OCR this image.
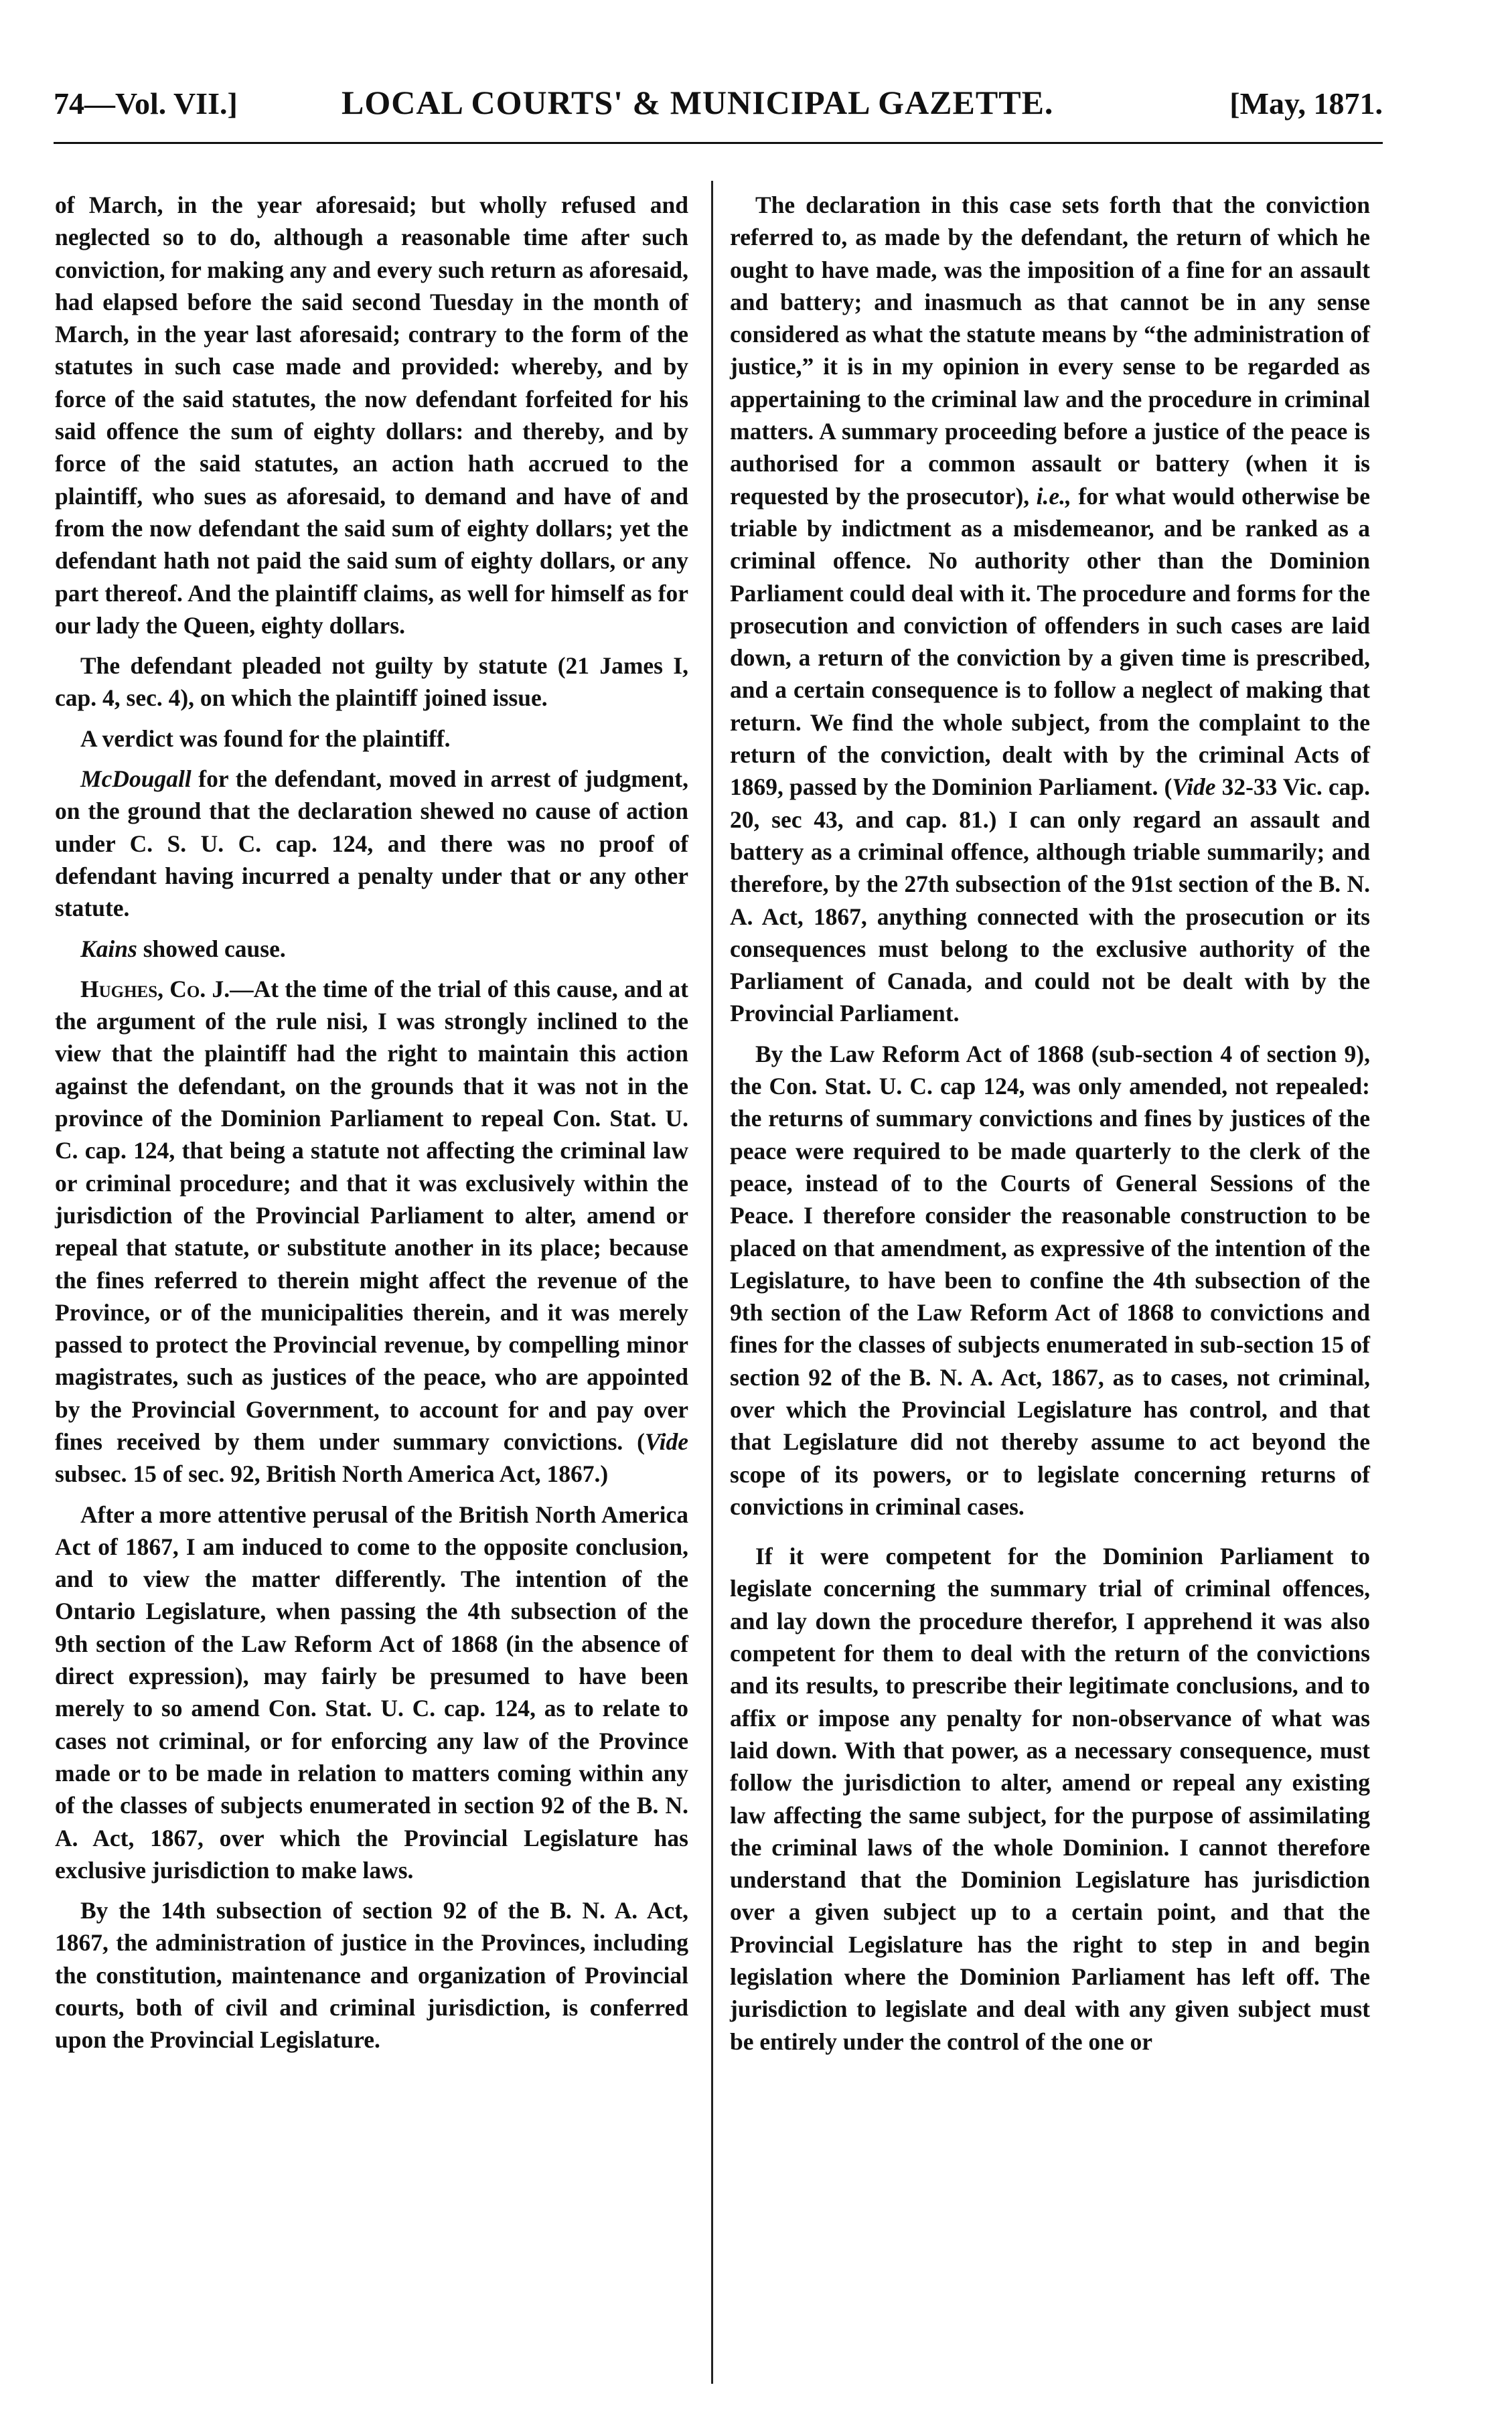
74—Vol. VII.]	LOCAL COURTS' & MUNICIPAL GAZETTE.	[May, 1871.

of March, in the year aforesaid; but wholly refused and neglected so to do, although a reasonable time after such conviction, for making any and every such return as aforesaid, had elapsed before the said second Tuesday in the month of March, in the year last aforesaid; contrary to the form of the statutes in such case made and provided: whereby, and by force of the said statutes, the now defendant forfeited for his said offence the sum of eighty dollars: and thereby, and by force of the said statutes, an action hath accrued to the plaintiff, who sues as aforesaid, to demand and have of and from the now defendant the said sum of eighty dollars; yet the defendant hath not paid the said sum of eighty dollars, or any part thereof. And the plaintiff claims, as well for himself as for our lady the Queen, eighty dollars.

The defendant pleaded not guilty by statute (21 James I, cap. 4, sec. 4), on which the plaintiff joined issue.

A verdict was found for the plaintiff.

McDougall for the defendant, moved in arrest of judgment, on the ground that the declaration shewed no cause of action under C. S. U. C. cap. 124, and there was no proof of defendant having incurred a penalty under that or any other statute.

Kains showed cause.

Hughes, Co. J.—At the time of the trial of this cause, and at the argument of the rule nisi, I was strongly inclined to the view that the plaintiff had the right to maintain this action against the defendant, on the grounds that it was not in the province of the Dominion Parliament to repeal Con. Stat. U. C. cap. 124, that being a statute not affecting the criminal law or criminal procedure; and that it was exclusively within the jurisdiction of the Provincial Parliament to alter, amend or repeal that statute, or substitute another in its place; because the fines referred to therein might affect the revenue of the Province, or of the municipalities therein, and it was merely passed to protect the Provincial revenue, by compelling minor magistrates, such as justices of the peace, who are appointed by the Provincial Government, to account for and pay over fines received by them under summary convictions. (Vide subsec. 15 of sec. 92, British North America Act, 1867.)

After a more attentive perusal of the British North America Act of 1867, I am induced to come to the opposite conclusion, and to view the matter differently. The intention of the Ontario Legislature, when passing the 4th subsection of the 9th section of the Law Reform Act of 1868 (in the absence of direct expression), may fairly be presumed to have been merely to so amend Con. Stat. U. C. cap. 124, as to relate to cases not criminal, or for enforcing any law of the Province made or to be made in relation to matters coming within any of the classes of subjects enumerated in section 92 of the B. N. A. Act, 1867, over which the Provincial Legislature has exclusive jurisdiction to make laws.

By the 14th subsection of section 92 of the B. N. A. Act, 1867, the administration of justice in the Provinces, including the constitution, maintenance and organization of Provincial courts, both of civil and criminal jurisdiction, is conferred upon the Provincial Legislature.

The declaration in this case sets forth that the conviction referred to, as made by the defendant, the return of which he ought to have made, was the imposition of a fine for an assault and battery; and inasmuch as that cannot be in any sense considered as what the statute means by “the administration of justice,” it is in my opinion in every sense to be regarded as appertaining to the criminal law and the procedure in criminal matters. A summary proceeding before a justice of the peace is authorised for a common assault or battery (when it is requested by the prosecutor), i.e., for what would otherwise be triable by indictment as a misdemeanor, and be ranked as a criminal offence. No authority other than the Dominion Parliament could deal with it. The procedure and forms for the prosecution and conviction of offenders in such cases are laid down, a return of the conviction by a given time is prescribed, and a certain consequence is to follow a neglect of making that return. We find the whole subject, from the complaint to the return of the conviction, dealt with by the criminal Acts of 1869, passed by the Dominion Parliament. (Vide 32-33 Vic. cap. 20, sec 43, and cap. 81.) I can only regard an assault and battery as a criminal offence, although triable summarily; and therefore, by the 27th subsection of the 91st section of the B. N. A. Act, 1867, anything connected with the prosecution or its consequences must belong to the exclusive authority of the Parliament of Canada, and could not be dealt with by the Provincial Parliament.

By the Law Reform Act of 1868 (sub-section 4 of section 9), the Con. Stat. U. C. cap 124, was only amended, not repealed: the returns of summary convictions and fines by justices of the peace were required to be made quarterly to the clerk of the peace, instead of to the Courts of General Sessions of the Peace. I therefore consider the reasonable construction to be placed on that amendment, as expressive of the intention of the Legislature, to have been to confine the 4th subsection of the 9th section of the Law Reform Act of 1868 to convictions and fines for the classes of subjects enumerated in sub-section 15 of section 92 of the B. N. A. Act, 1867, as to cases, not criminal, over which the Provincial Legislature has control, and that that Legislature did not thereby assume to act beyond the scope of its powers, or to legislate concerning returns of convictions in criminal cases.

If it were competent for the Dominion Parliament to legislate concerning the summary trial of criminal offences, and lay down the procedure therefor, I apprehend it was also competent for them to deal with the return of the convictions and its results, to prescribe their legitimate conclusions, and to affix or impose any penalty for non-observance of what was laid down. With that power, as a necessary consequence, must follow the jurisdiction to alter, amend or repeal any existing law affecting the same subject, for the purpose of assimilating the criminal laws of the whole Dominion. I cannot therefore understand that the Dominion Legislature has jurisdiction over a given subject up to a certain point, and that the Provincial Legislature has the right to step in and begin legislation where the Dominion Parliament has left off. The jurisdiction to legislate and deal with any given subject must be entirely under the control of the one or
